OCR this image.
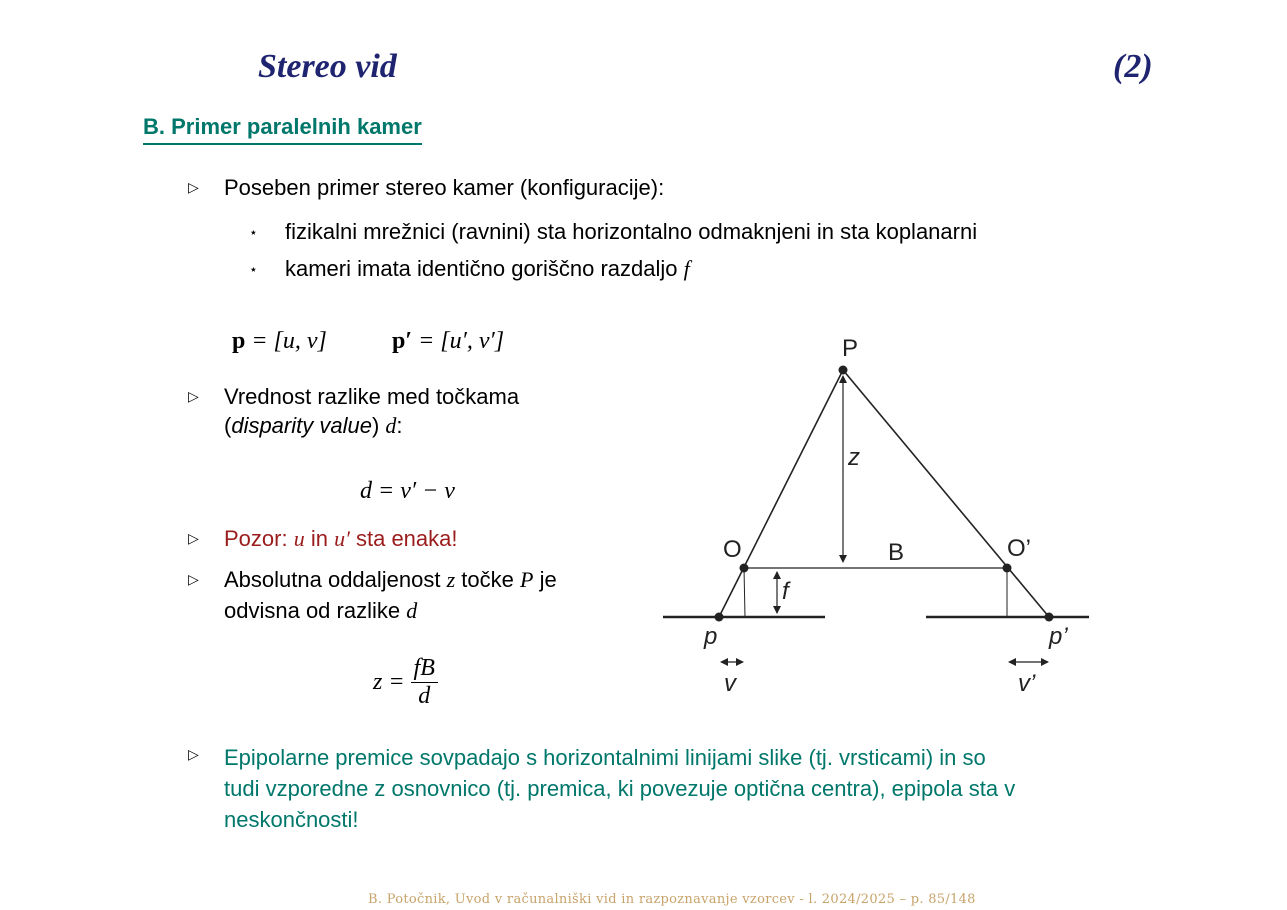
Stereo vid	(2)
B. Primer paralelnih kamer
▷ Poseben primer stereo kamer (konfiguracije):
⋆ fizikalni mrežnici (ravnini) sta horizontalno odmaknjeni in sta koplanarni
⋆ kameri imata identično goriščno razdaljo f
p = [u, v]	p′ = [u′, v′]
▷ Vrednost razlike med točkama
(disparity value) d:
d = v′ − v
▷ Pozor: u in u′ sta enaka!
▷ Absolutna oddaljenost z točke P je
odvisna od razlike d
$z = \frac{fB}{d}$
▷ Epipolarne premice sovpadajo s horizontalnimi linijami slike (tj. vrsticami) in so
tudi vzporedne z osnovnico (tj. premica, ki povezuje optična centra), epipola sta v
neskončnosti!
P
z
O	B	O’
f
p	p’
v	v’
B. Potočnik, Uvod v računalniški vid in razpoznavanje vzorcev - l. 2024/2025 – p. 85/148
